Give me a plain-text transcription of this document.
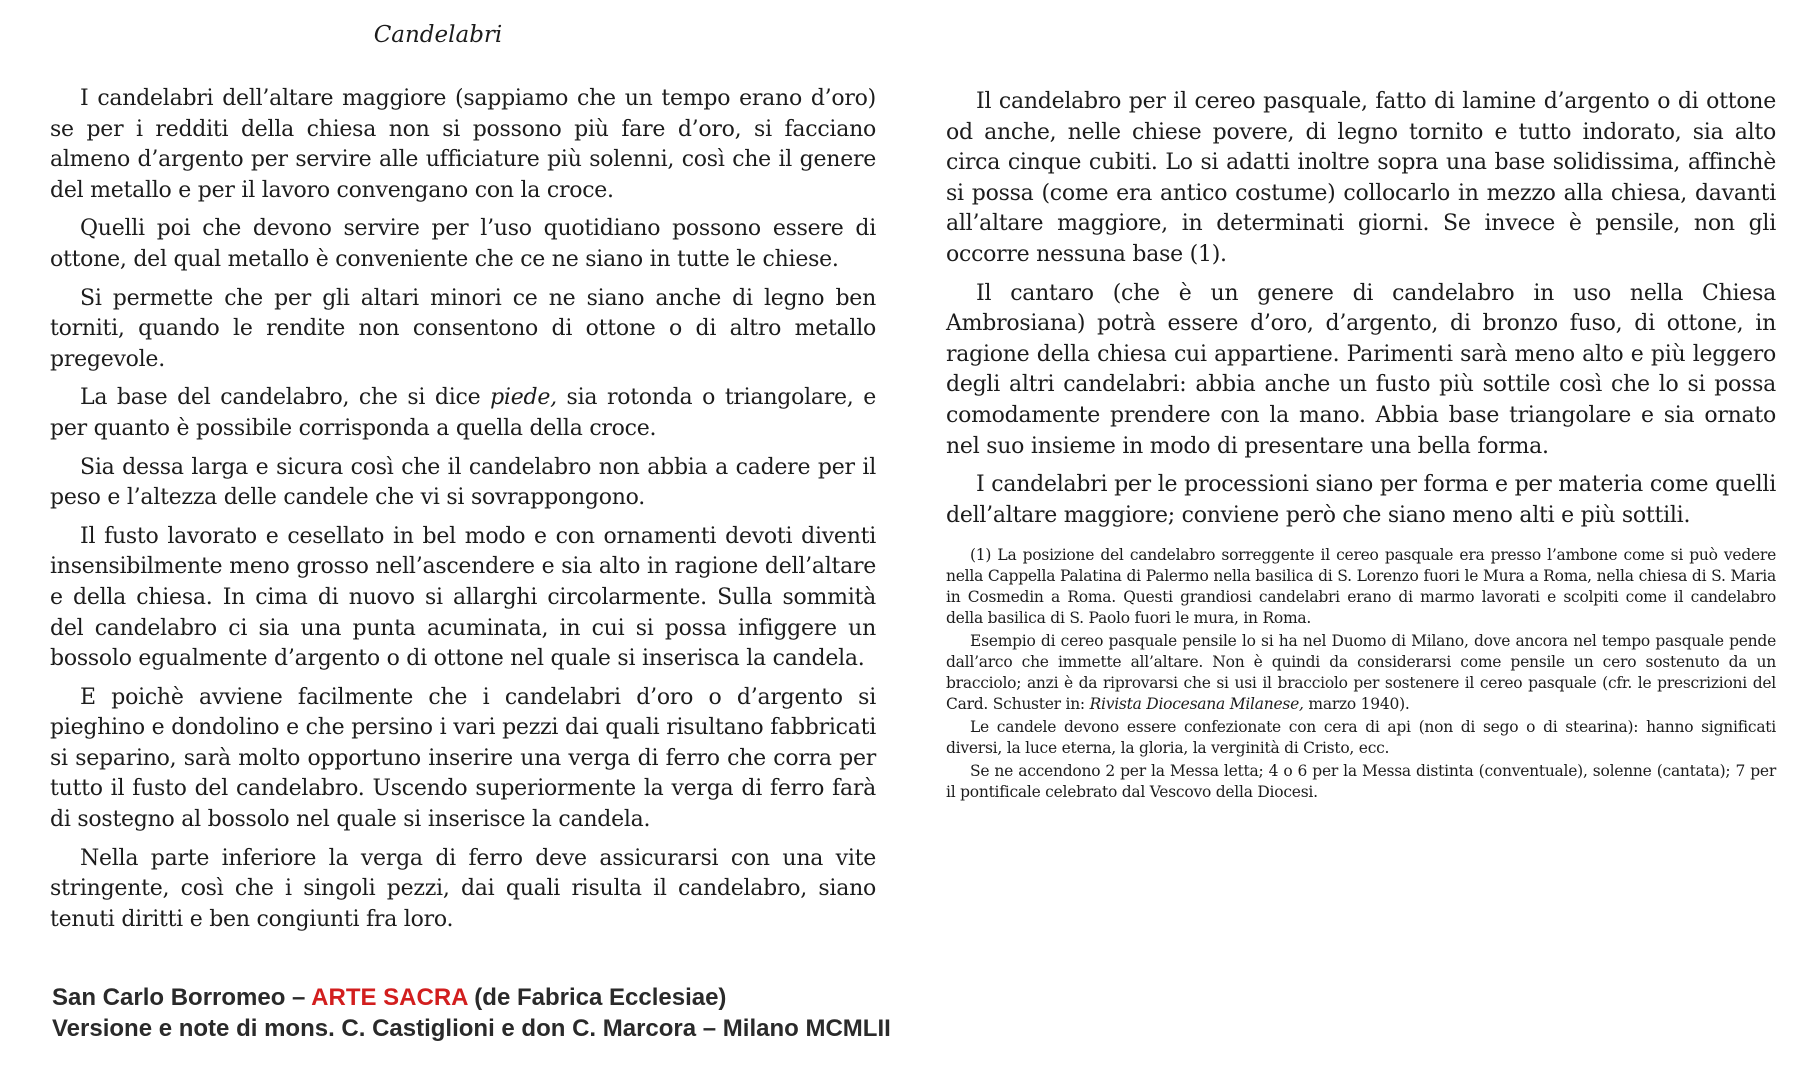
Candelabri

I candelabri dell’altare maggiore (sappiamo che un tempo erano d’oro) se per i redditi della chiesa non si possono più fare d’oro, si facciano almeno d’argento per servire alle ufficiature più solenni, così che il genere del metallo e per il lavoro convengano con la croce.

Quelli poi che devono servire per l’uso quotidiano possono essere di ottone, del qual metallo è conveniente che ce ne siano in tutte le chiese.

Si permette che per gli altari minori ce ne siano anche di legno ben torniti, quando le rendite non consentono di ottone o di altro metallo pregevole.

La base del candelabro, che si dice piede, sia rotonda o triangolare, e per quanto è possibile corrisponda a quella della croce.

Sia dessa larga e sicura così che il candelabro non abbia a cadere per il peso e l’altezza delle candele che vi si sovrappongono.

Il fusto lavorato e cesellato in bel modo e con ornamenti devoti diventi insensibilmente meno grosso nell’ascendere e sia alto in ragione dell’altare e della chiesa. In cima di nuovo si allarghi circolarmente. Sulla sommità del candelabro ci sia una punta acuminata, in cui si possa infiggere un bossolo egualmente d’argento o di ottone nel quale si inserisca la candela.

E poichè avviene facilmente che i candelabri d’oro o d’argento si pieghino e dondolino e che persino i vari pezzi dai quali risultano fabbricati si separino, sarà molto opportuno inserire una verga di ferro che corra per tutto il fusto del candelabro. Uscendo superiormente la verga di ferro farà di sostegno al bossolo nel quale si inserisce la candela.

Nella parte inferiore la verga di ferro deve assicurarsi con una vite stringente, così che i singoli pezzi, dai quali risulta il candelabro, siano tenuti diritti e ben congiunti fra loro.

Il candelabro per il cereo pasquale, fatto di lamine d’argento o di ottone od anche, nelle chiese povere, di legno tornito e tutto indorato, sia alto circa cinque cubiti. Lo si adatti inoltre sopra una base solidissima, affinchè si possa (come era antico costume) collocarlo in mezzo alla chiesa, davanti all’altare maggiore, in determinati giorni. Se invece è pensile, non gli occorre nessuna base (1).

Il cantaro (che è un genere di candelabro in uso nella Chiesa Ambrosiana) potrà essere d’oro, d’argento, di bronzo fuso, di ottone, in ragione della chiesa cui appartiene. Parimenti sarà meno alto e più leggero degli altri candelabri: abbia anche un fusto più sottile così che lo si possa comodamente prendere con la mano. Abbia base triangolare e sia ornato nel suo insieme in modo di presentare una bella forma.

I candelabri per le processioni siano per forma e per materia come quelli dell’altare maggiore; conviene però che siano meno alti e più sottili.

(1) La posizione del candelabro sorreggente il cereo pasquale era presso l’ambone come si può vedere nella Cappella Palatina di Palermo nella basilica di S. Lorenzo fuori le Mura a Roma, nella chiesa di S. Maria in Cosmedin a Roma. Questi grandiosi candelabri erano di marmo lavorati e scolpiti come il candelabro della basilica di S. Paolo fuori le mura, in Roma.

Esempio di cereo pasquale pensile lo si ha nel Duomo di Milano, dove ancora nel tempo pasquale pende dall’arco che immette all’altare. Non è quindi da considerarsi come pensile un cero sostenuto da un bracciolo; anzi è da riprovarsi che si usi il bracciolo per sostenere il cereo pasquale (cfr. le prescrizioni del Card. Schuster in: Rivista Diocesana Milanese, marzo 1940).

Le candele devono essere confezionate con cera di api (non di sego o di stearina): hanno significati diversi, la luce eterna, la gloria, la verginità di Cristo, ecc.

Se ne accendono 2 per la Messa letta; 4 o 6 per la Messa distinta (conventuale), solenne (cantata); 7 per il pontificale celebrato dal Vescovo della Diocesi.

San Carlo Borromeo – ARTE SACRA (de Fabrica Ecclesiae)
Versione e note di mons. C. Castiglioni e don C. Marcora – Milano MCMLII
